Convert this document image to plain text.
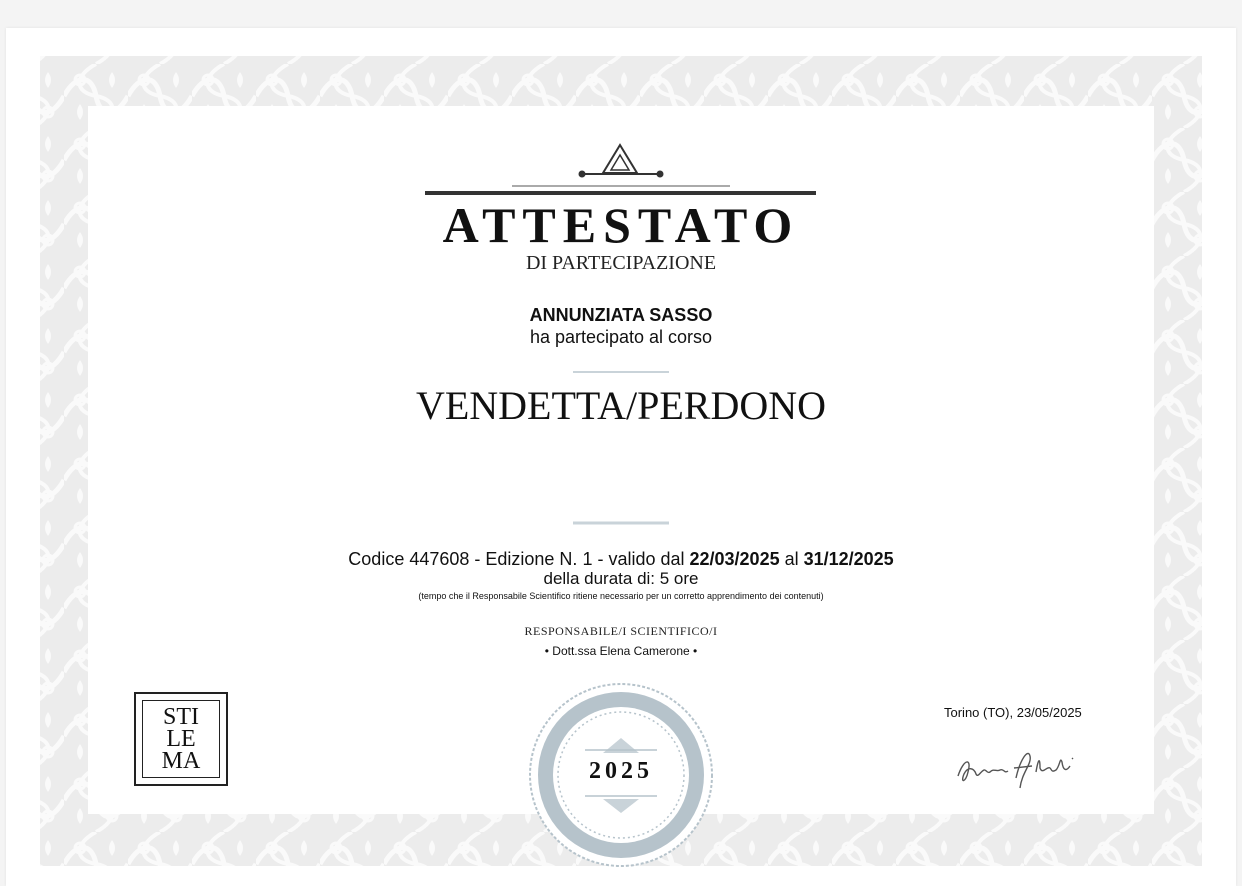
ATTESTATO
DI PARTECIPAZIONE
ANNUNZIATA SASSO
ha partecipato al corso
VENDETTA/PERDONO
Codice 447608 - Edizione N. 1 - valido dal 22/03/2025 al 31/12/2025
della durata di: 5 ore
(tempo che il Responsabile Scientifico ritiene necessario per un corretto apprendimento dei contenuti)
RESPONSABILE/I SCIENTIFICO/I
• Dott.ssa Elena Camerone •
STI
LE
MA	2025
Torino (TO), 23/05/2025
